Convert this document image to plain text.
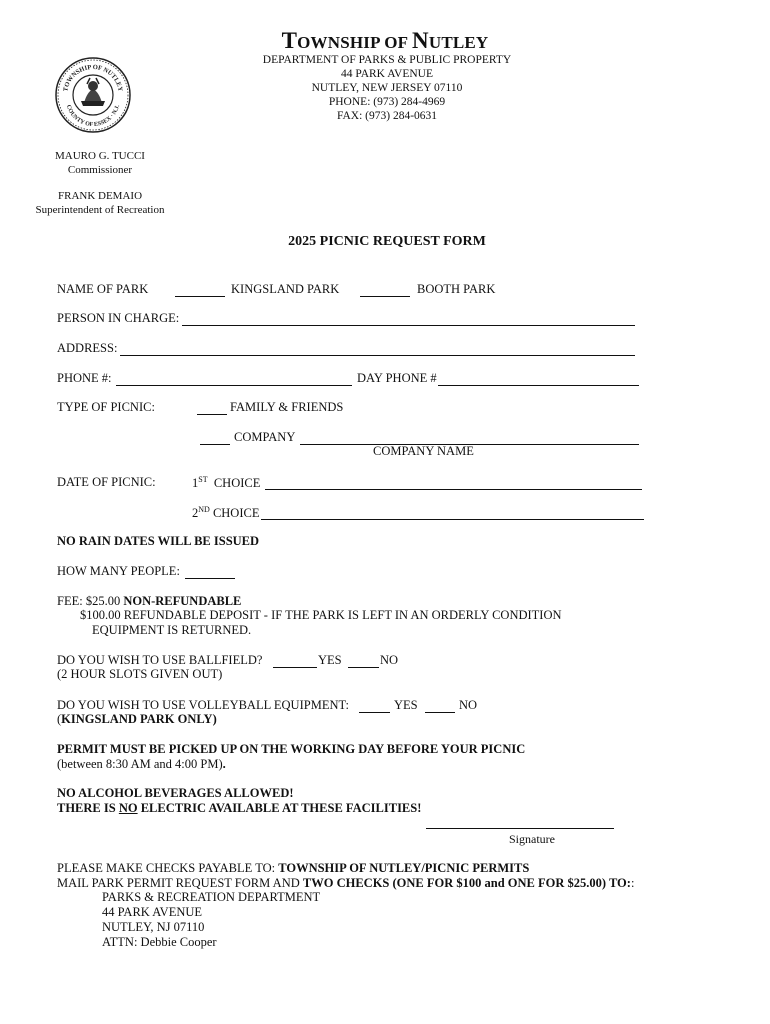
TOWNSHIP OF NUTLEY
COUNTY OF ESSEX · N.J.
TOWNSHIP OF NUTLEY
DEPARTMENT OF PARKS & PUBLIC PROPERTY
44 PARK AVENUE
NUTLEY, NEW JERSEY 07110
PHONE: (973) 284-4969
FAX: (973) 284-0631
MAURO G. TUCCI
Commissioner
FRANK DEMAIO
Superintendent of Recreation
2025 PICNIC REQUEST FORM
NAME OF PARK	KINGSLAND PARK	BOOTH PARK
PERSON IN CHARGE:
ADDRESS:
PHONE #:	DAY PHONE #
TYPE OF PICNIC:	FAMILY & FRIENDS
COMPANY
COMPANY NAME
DATE OF PICNIC:	1ST CHOICE
2ND CHOICE
NO RAIN DATES WILL BE ISSUED
HOW MANY PEOPLE:
FEE: $25.00 NON-REFUNDABLE
$100.00 REFUNDABLE DEPOSIT - IF THE PARK IS LEFT IN AN ORDERLY CONDITION
EQUIPMENT IS RETURNED.
DO YOU WISH TO USE BALLFIELD?	YES	NO
(2 HOUR SLOTS GIVEN OUT)
DO YOU WISH TO USE VOLLEYBALL EQUIPMENT:	YES	NO
(KINGSLAND PARK ONLY)
PERMIT MUST BE PICKED UP ON THE WORKING DAY BEFORE YOUR PICNIC
(between 8:30 AM and 4:00 PM).
NO ALCOHOL BEVERAGES ALLOWED!
THERE IS NO ELECTRIC AVAILABLE AT THESE FACILITIES!
Signature
PLEASE MAKE CHECKS PAYABLE TO: TOWNSHIP OF NUTLEY/PICNIC PERMITS
MAIL PARK PERMIT REQUEST FORM AND TWO CHECKS (ONE FOR $100 and ONE FOR $25.00) TO::
PARKS & RECREATION DEPARTMENT
44 PARK AVENUE
NUTLEY, NJ 07110
ATTN: Debbie Cooper
